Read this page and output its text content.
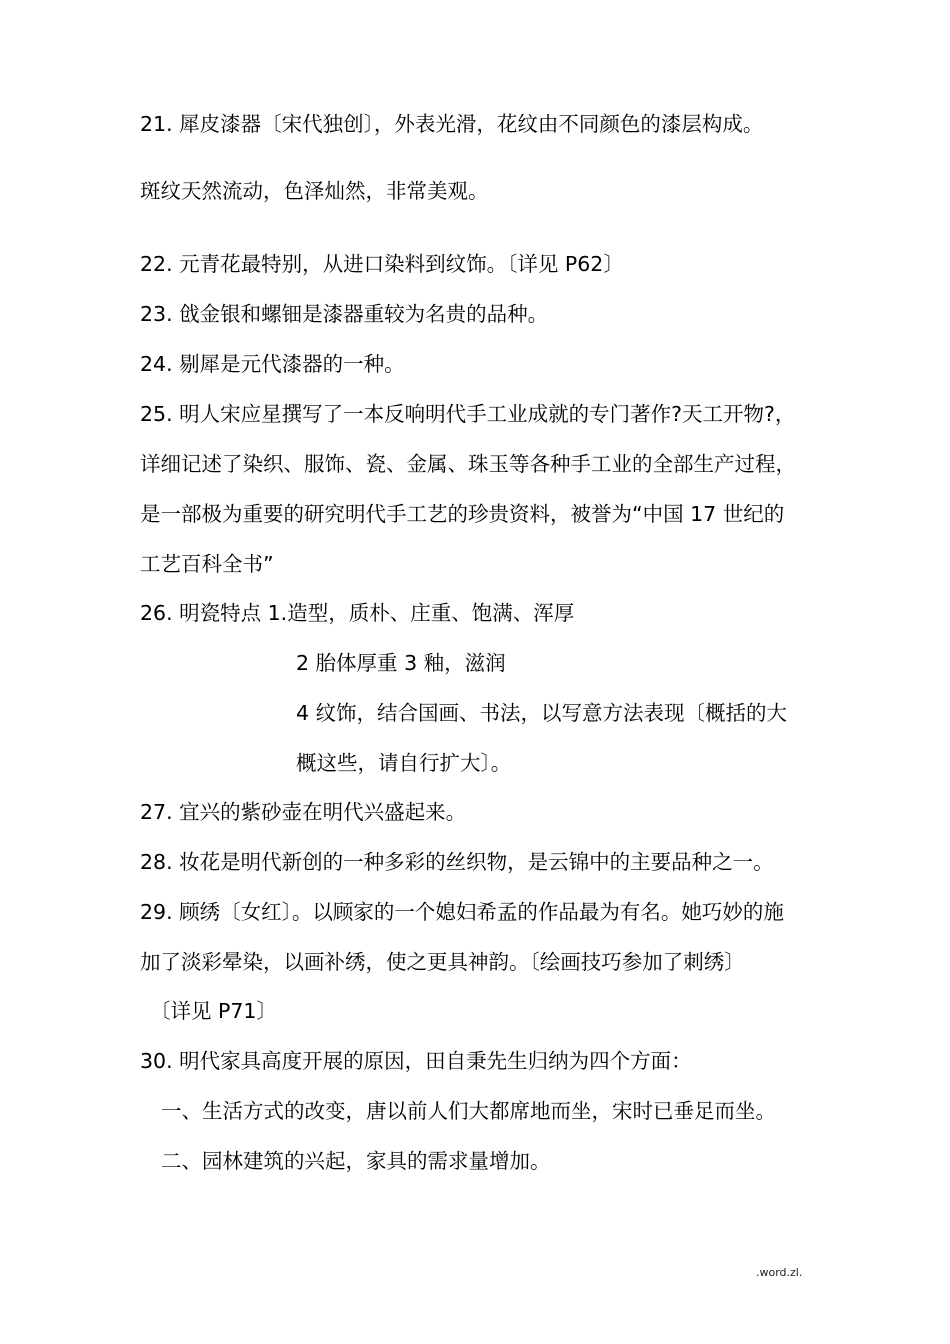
21. 犀皮漆器〔宋代独创〕，外表光滑，花纹由不同颜色的漆层构成。
斑纹天然流动，色泽灿然，非常美观。
22. 元青花最特别，从进口染料到纹饰。〔详见 P62〕
23. 戗金银和螺钿是漆器重较为名贵的品种。
24. 剔犀是元代漆器的一种。
25. 明人宋应星撰写了一本反响明代手工业成就的专门著作?天工开物?，
详细记述了染织、服饰、瓷、金属、珠玉等各种手工业的全部生产过程，
是一部极为重要的研究明代手工艺的珍贵资料，被誉为“中国 17 世纪的
工艺百科全书”
26. 明瓷特点 1.造型，质朴、庄重、饱满、浑厚
2 胎体厚重 3 釉，滋润
4 纹饰，结合国画、书法，以写意方法表现〔概括的大
概这些，请自行扩大〕。
27. 宜兴的紫砂壶在明代兴盛起来。
28. 妆花是明代新创的一种多彩的丝织物，是云锦中的主要品种之一。
29. 顾绣〔女红〕。以顾家的一个媳妇希孟的作品最为有名。她巧妙的施
加了淡彩晕染，以画补绣，使之更具神韵。〔绘画技巧参加了刺绣〕
〔详见 P71〕
30. 明代家具高度开展的原因，田自秉先生归纳为四个方面：
一、生活方式的改变，唐以前人们大都席地而坐，宋时已垂足而坐。
二、园林建筑的兴起，家具的需求量增加。
.word.zl.
